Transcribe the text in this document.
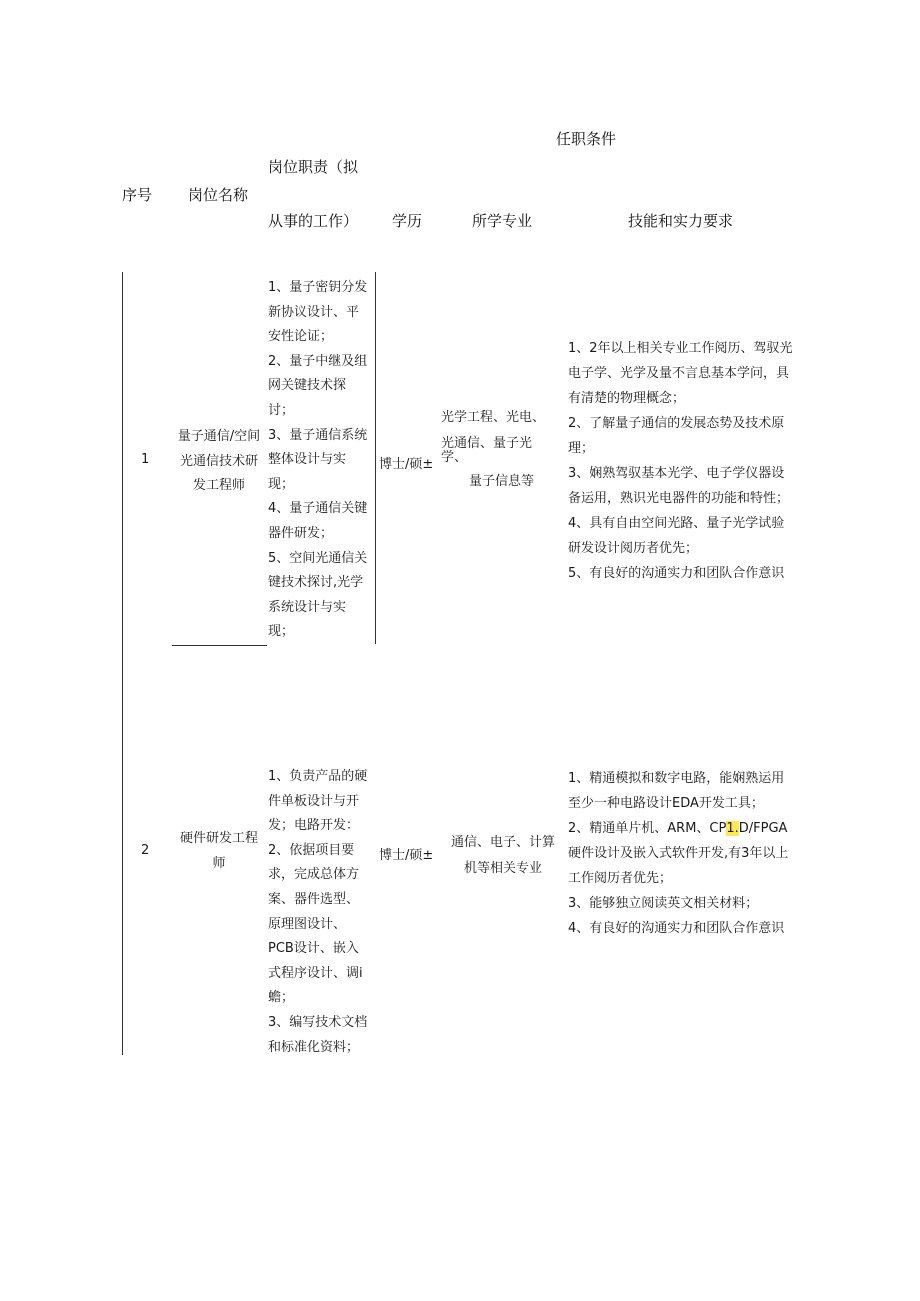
任职条件
岗位职责（拟
序号 岗位名称
从事的工作） 学历	所学专业	技能和实力要求
1
量子通信/空间
光通信技术研
发工程师
1、量子密钥分发
新协议设计、平
安性论证；
2、量子中继及组
网关键技术探
讨；
3、量子通信系统
整体设计与实
现；
4、量子通信关键
器件研发；
5、空间光通信关
键技术探讨,光学
系统设计与实
现；
博士/硕±
光学工程、光电、
光通信、量子光
学、
量子信息等
1、2年以上相关专业工作阅历、驾驭光
电子学、光学及量不言息基本学问，具
有清楚的物理概念；
2、了解量子通信的发展态势及技术原
理；
3、娴熟驾驭基本光学、电子学仪器设
备运用，熟识光电器件的功能和特性；
4、具有自由空间光路、量子光学试验
研发设计阅历者优先；
5、有良好的沟通实力和团队合作意识
2
硬件研发工程
师
1、负责产品的硬
件单板设计与开
发；电路开发：
2、依据项目要
求，完成总体方
案、器件选型、
原理图设计、
PCB设计、嵌入
式程序设计、调i
蟾；
3、编写技术文档
和标准化资料；
博士/硕±
通信、电子、计算
机等相关专业
1、精通模拟和数字电路，能娴熟运用
至少一种电路设计EDA开发工具；
2、精通单片机、ARM、CP1.D/FPGA
硬件设计及嵌入式软件开发,有3年以上
工作阅历者优先；
3、能够独立阅读英文相关材料；
4、有良好的沟通实力和团队合作意识
